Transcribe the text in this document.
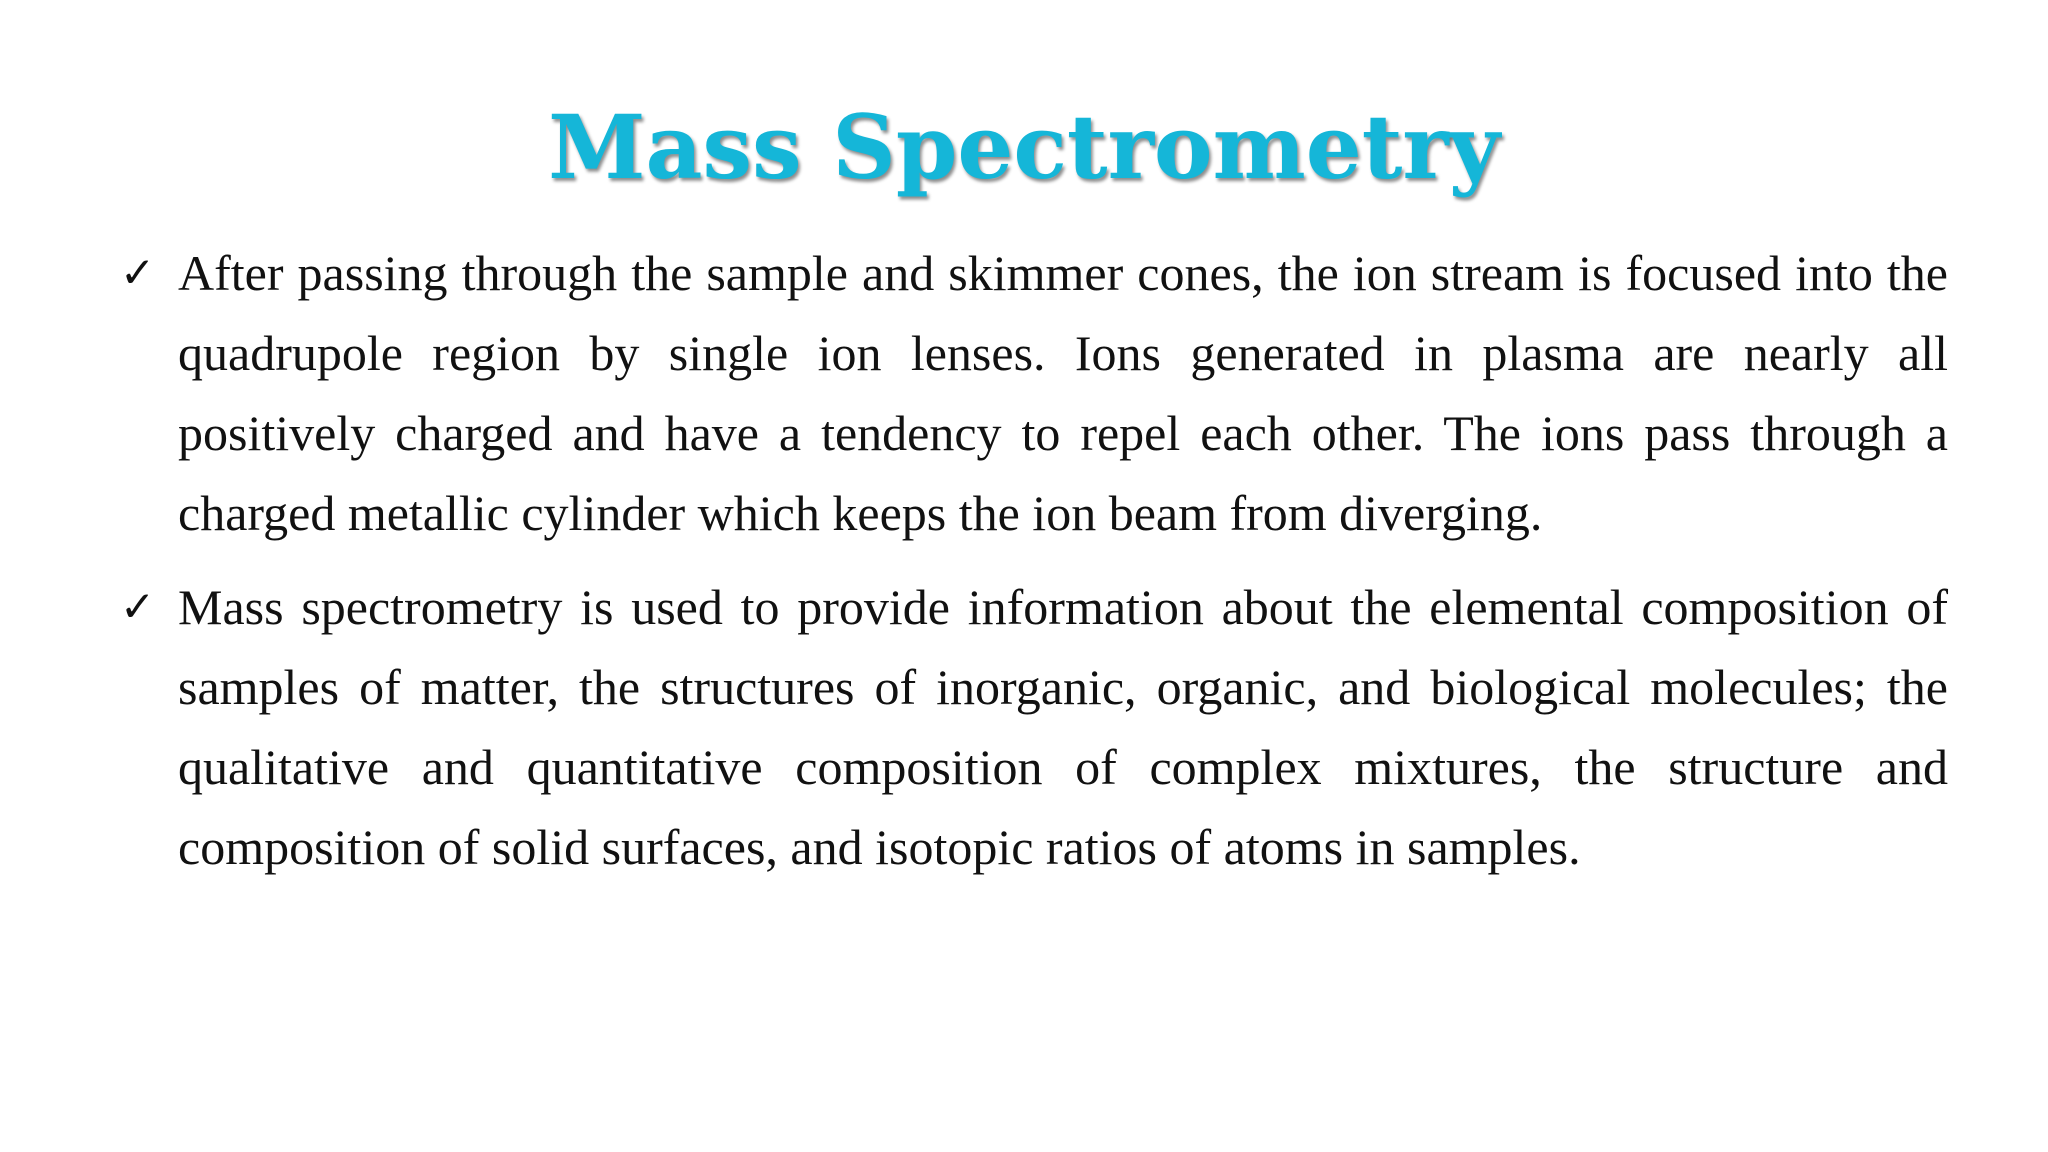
Mass Spectrometry
✓ After passing through the sample and skimmer cones, the ion stream is focused into the quadrupole region by single ion lenses. Ions generated in plasma are nearly all positively charged and have a tendency to repel each other. The ions pass through a charged metallic cylinder which keeps the ion beam from diverging.
✓ Mass spectrometry is used to provide information about the elemental composition of samples of matter, the structures of inorganic, organic, and biological molecules; the qualitative and quantitative composition of complex mixtures, the structure and composition of solid surfaces, and isotopic ratios of atoms in samples.
